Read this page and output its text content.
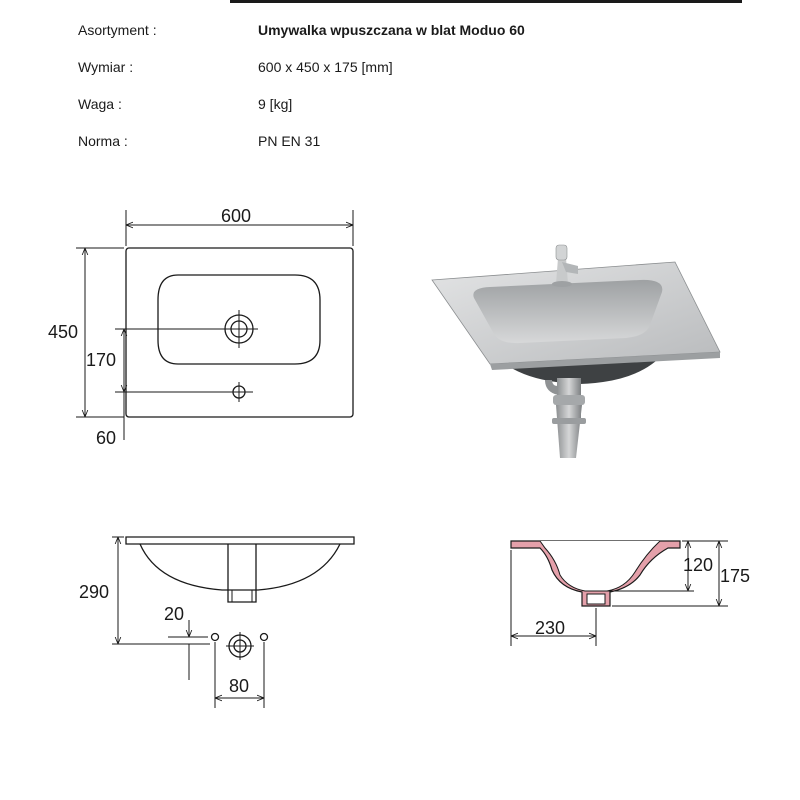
Asortyment :	Umywalka wpuszczana w blat Moduo 60
Wymiar :	600 x 450 x 175 [mm]
Waga :	9 [kg]
Norma :	PN EN 31
600
450
170
60
290
20
80
120
175
230
